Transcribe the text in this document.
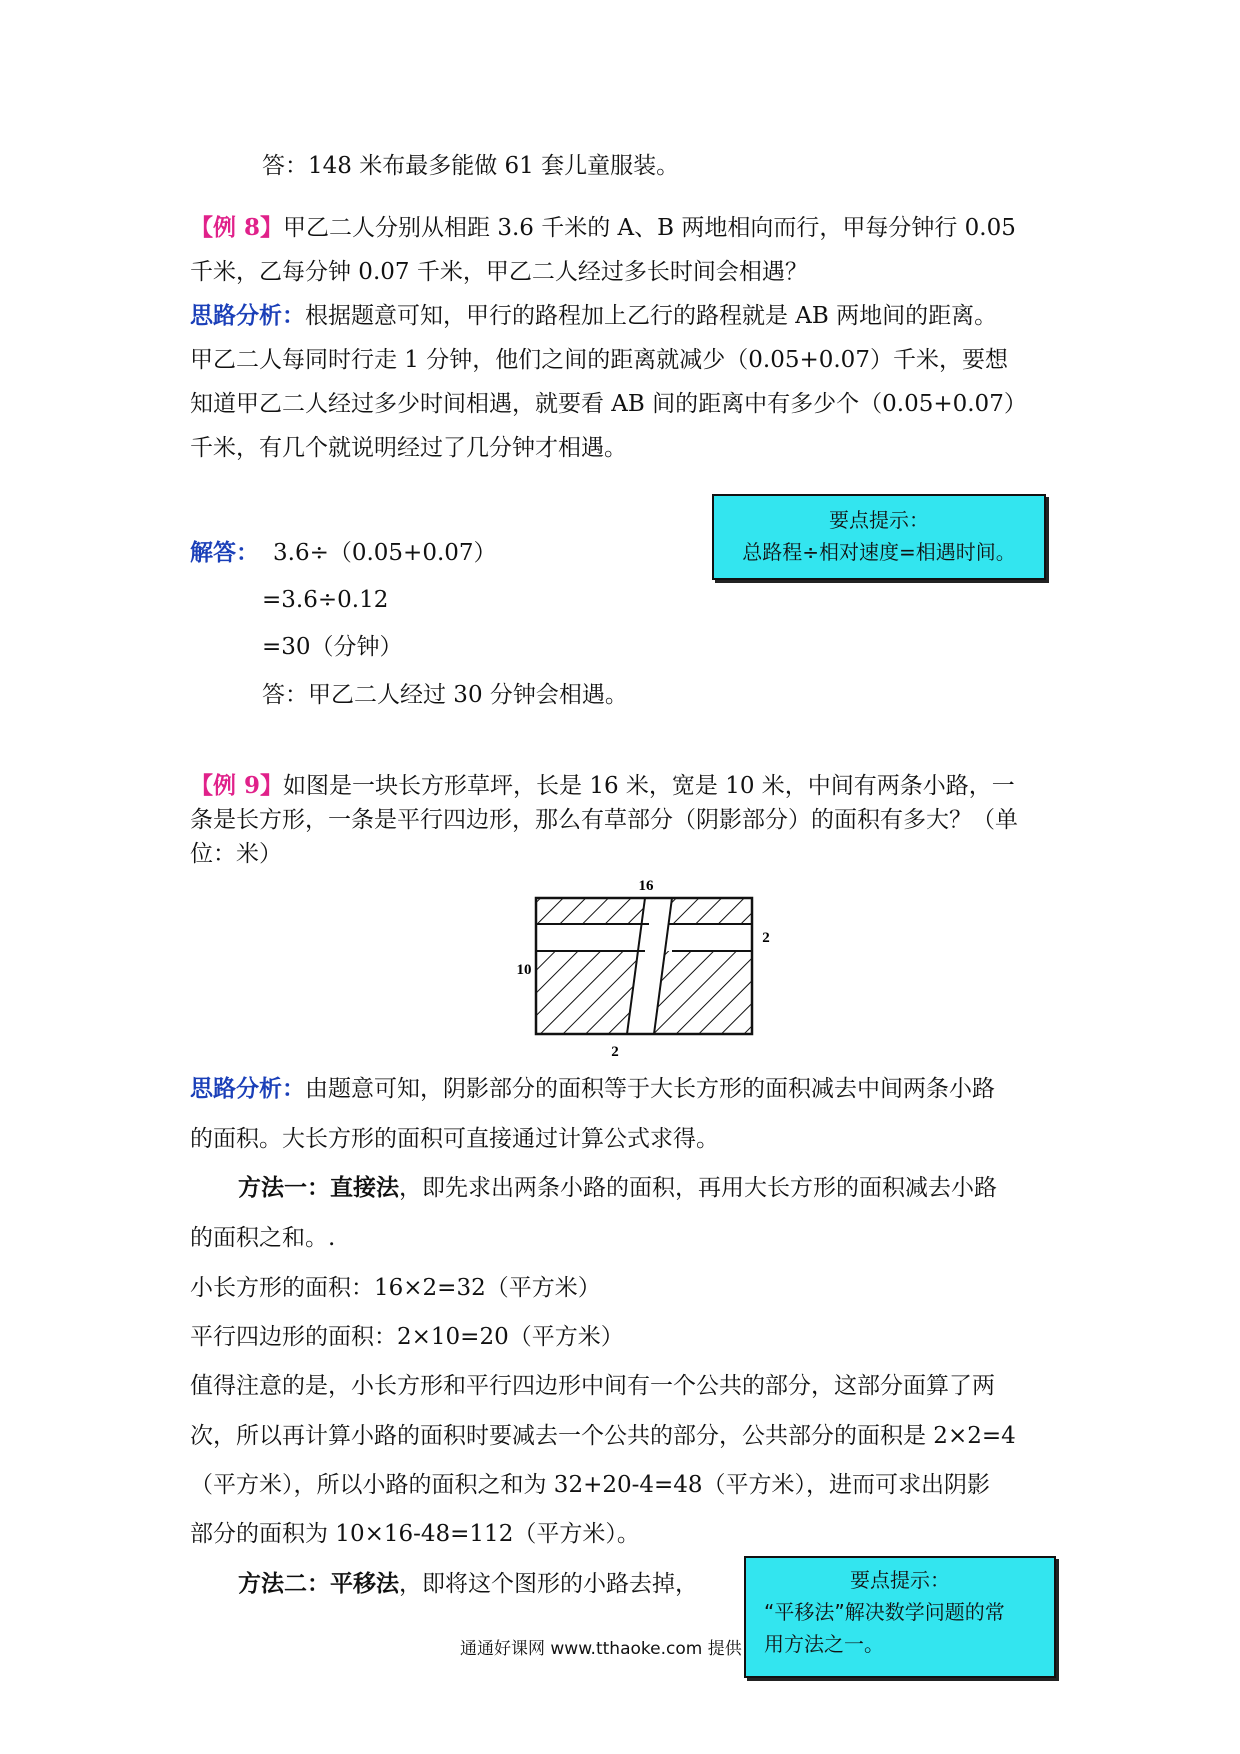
答：148 米布最多能做 61 套儿童服装。
【例 8】甲乙二人分别从相距 3.6 千米的 A、B 两地相向而行，甲每分钟行 0.05
千米，乙每分钟 0.07 千米，甲乙二人经过多长时间会相遇？
思路分析：根据题意可知，甲行的路程加上乙行的路程就是 AB 两地间的距离。
甲乙二人每同时行走 1 分钟，他们之间的距离就减少（0.05+0.07）千米，要想
知道甲乙二人经过多少时间相遇，就要看 AB 间的距离中有多少个（0.05+0.07）
千米，有几个就说明经过了几分钟才相遇。
要点提示：
总路程÷相对速度=相遇时间。
解答： 3.6÷（0.05+0.07）
=3.6÷0.12
=30（分钟）
答：甲乙二人经过 30 分钟会相遇。
【例 9】如图是一块长方形草坪，长是 16 米，宽是 10 米，中间有两条小路，一
条是长方形，一条是平行四边形，那么有草部分（阴影部分）的面积有多大？（单
位：米）
16
2
10
2
思路分析：由题意可知，阴影部分的面积等于大长方形的面积减去中间两条小路
的面积。大长方形的面积可直接通过计算公式求得。
方法一：直接法，即先求出两条小路的面积，再用大长方形的面积减去小路
的面积之和。.
小长方形的面积：16×2=32（平方米）
平行四边形的面积：2×10=20（平方米）
值得注意的是，小长方形和平行四边形中间有一个公共的部分，这部分面算了两
次，所以再计算小路的面积时要减去一个公共的部分，公共部分的面积是 2×2=4
（平方米），所以小路的面积之和为 32+20-4=48（平方米），进而可求出阴影
部分的面积为 10×16-48=112（平方米）。
方法二：平移法，即将这个图形的小路去掉，
通通好课网 www.tthaoke.com 提供
要点提示：
“平移法”解决数学问题的常
用方法之一。
